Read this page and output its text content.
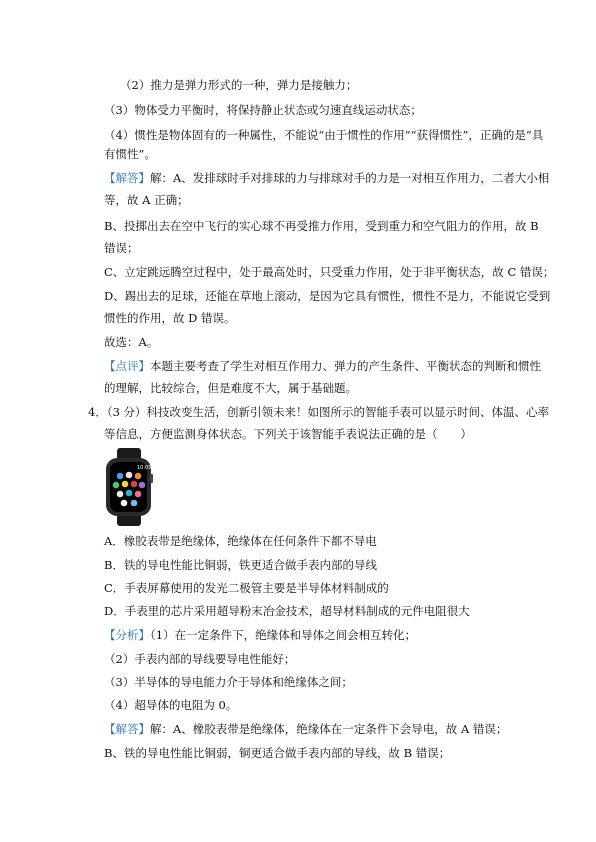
（2）推力是弹力形式的一种，弹力是接触力；
（3）物体受力平衡时，将保持静止状态或匀速直线运动状态；
（4）惯性是物体固有的一种属性，不能说“由于惯性的作用”“获得惯性”，正确的是“具
有惯性”。
【解答】解：A、发排球时手对排球的力与排球对手的力是一对相互作用力，二者大小相
等，故 A 正确；
B、投掷出去在空中飞行的实心球不再受推力作用，受到重力和空气阻力的作用，故 B
错误；
C、立定跳远腾空过程中，处于最高处时，只受重力作用，处于非平衡状态，故 C 错误；
D、踢出去的足球，还能在草地上滚动，是因为它具有惯性，惯性不是力，不能说它受到
惯性的作用，故 D 错误。
故选：A。
【点评】本题主要考查了学生对相互作用力、弹力的产生条件、平衡状态的判断和惯性
的理解，比较综合，但是难度不大，属于基础题。
4．（3 分）科技改变生活，创新引领未来！如图所示的智能手表可以显示时间、体温、心率
等信息，方便监测身体状态。下列关于该智能手表说法正确的是（　　）
10:09
A．橡胶表带是绝缘体，绝缘体在任何条件下都不导电
B．铁的导电性能比铜弱，铁更适合做手表内部的导线
C．手表屏幕使用的发光二极管主要是半导体材料制成的
D．手表里的芯片采用超导粉末冶金技术，超导材料制成的元件电阻很大
【分析】（1）在一定条件下，绝缘体和导体之间会相互转化；
（2）手表内部的导线要导电性能好；
（3）半导体的导电能力介于导体和绝缘体之间；
（4）超导体的电阻为 0。
【解答】解：A、橡胶表带是绝缘体，绝缘体在一定条件下会导电，故 A 错误；
B、铁的导电性能比铜弱，铜更适合做手表内部的导线，故 B 错误；
